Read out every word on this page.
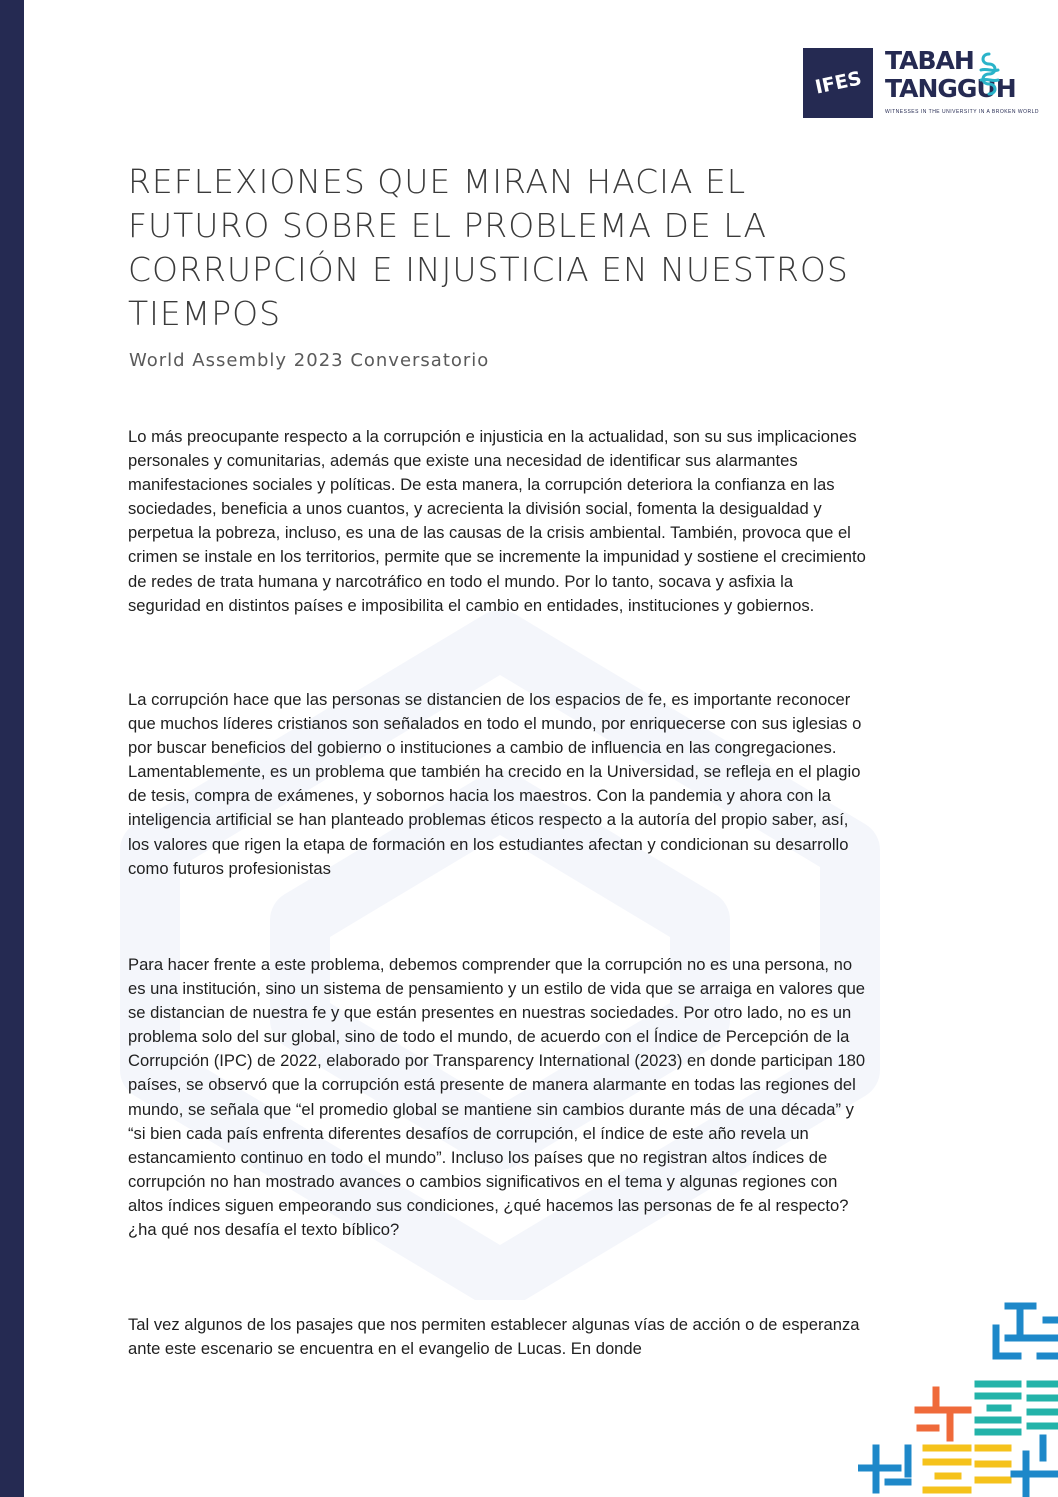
IFES
TABAH
TANGGUH
WITNESSES IN THE UNIVERSITY IN A BROKEN WORLD
REFLEXIONES QUE MIRAN HACIA EL FUTURO SOBRE EL PROBLEMA DE LA CORRUPCIÓN E INJUSTICIA EN NUESTROS TIEMPOS

World Assembly 2023 Conversatorio

Lo más preocupante respecto a la corrupción e injusticia en la actualidad, son su sus implicaciones personales y comunitarias, además que existe una necesidad de identificar sus alarmantes manifestaciones sociales y políticas. De esta manera, la corrupción deteriora la confianza en las sociedades, beneficia a unos cuantos, y acrecienta la división social, fomenta la desigualdad y perpetua la pobreza, incluso, es una de las causas de la crisis ambiental. También, provoca que el crimen se instale en los territorios, permite que se incremente la impunidad y sostiene el crecimiento de redes de trata humana y narcotráfico en todo el mundo. Por lo tanto, socava y asfixia la seguridad en distintos países e imposibilita el cambio en entidades, instituciones y gobiernos.

La corrupción hace que las personas se distancien de los espacios de fe, es importante reconocer que muchos líderes cristianos son señalados en todo el mundo, por enriquecerse con sus iglesias o por buscar beneficios del gobierno o instituciones a cambio de influencia en las congregaciones. Lamentablemente, es un problema que también ha crecido en la Universidad, se refleja en el plagio de tesis, compra de exámenes, y sobornos hacia los maestros. Con la pandemia y ahora con la inteligencia artificial se han planteado problemas éticos respecto a la autoría del propio saber, así, los valores que rigen la etapa de formación en los estudiantes afectan y condicionan su desarrollo como futuros profesionistas

Para hacer frente a este problema, debemos comprender que la corrupción no es una persona, no es una institución, sino un sistema de pensamiento y un estilo de vida que se arraiga en valores que se distancian de nuestra fe y que están presentes en nuestras sociedades. Por otro lado, no es un problema solo del sur global, sino de todo el mundo, de acuerdo con el Índice de Percepción de la Corrupción (IPC) de 2022, elaborado por Transparency International (2023) en donde participan 180 países, se observó que la corrupción está presente de manera alarmante en todas las regiones del mundo, se señala que “el promedio global se mantiene sin cambios durante más de una década” y “si bien cada país enfrenta diferentes desafíos de corrupción, el índice de este año revela un estancamiento continuo en todo el mundo”. Incluso los países que no registran altos índices de corrupción no han mostrado avances o cambios significativos en el tema y algunas regiones con altos índices siguen empeorando sus condiciones, ¿qué hacemos las personas de fe al respecto? ¿ha qué nos desafía el texto bíblico?

Tal vez algunos de los pasajes que nos permiten establecer algunas vías de acción o de esperanza ante este escenario se encuentra en el evangelio de Lucas. En donde
